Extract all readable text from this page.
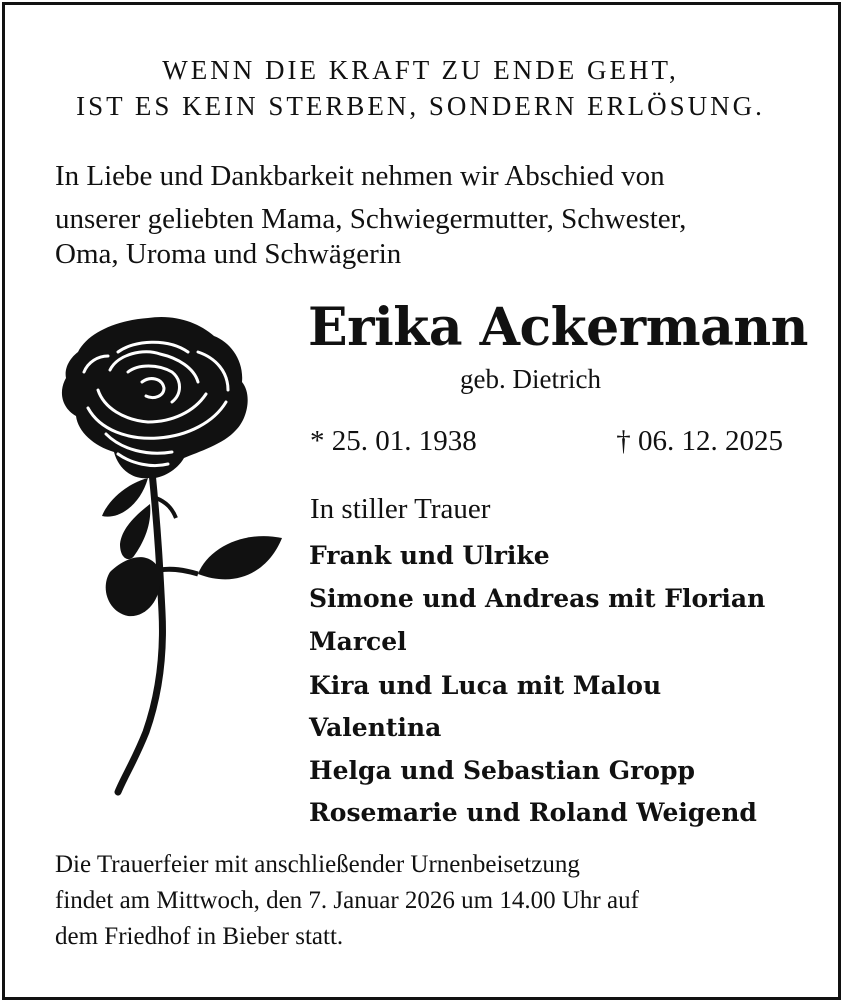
WENN DIE KRAFT ZU ENDE GEHT,
IST ES KEIN STERBEN, SONDERN ERLÖSUNG.
In Liebe und Dankbarkeit nehmen wir Abschied von
unserer geliebten Mama, Schwiegermutter, Schwester,
Oma, Uroma und Schwägerin
Erika Ackermann
geb. Dietrich
* 25. 01. 1938	† 06. 12. 2025
In stiller Trauer
Frank und Ulrike
Simone und Andreas mit Florian
Marcel
Kira und Luca mit Malou
Valentina
Helga und Sebastian Gropp
Rosemarie und Roland Weigend
Die Trauerfeier mit anschließender Urnenbeisetzung
findet am Mittwoch, den 7. Januar 2026 um 14.00 Uhr auf
dem Friedhof in Bieber statt.
